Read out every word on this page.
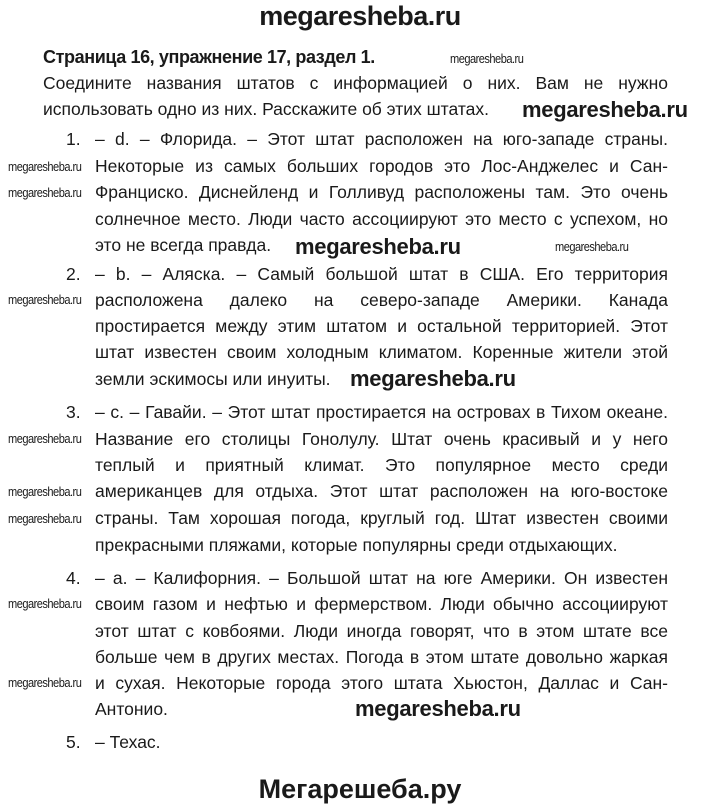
megaresheba.ru
Страница 16, упражнение 17, раздел 1.
Соедините названия штатов с информацией о них. Вам не нужно
использовать одно из них. Расскажите об этих штатах.
1. – d. – Флорида. – Этот штат расположен на юго-западе страны.
Некоторые из самых больших городов это Лос-Анджелес и Сан-
Франциско. Диснейленд и Голливуд расположены там. Это очень
солнечное место. Люди часто ассоциируют это место с успехом, но
это не всегда правда.
2. – b. – Аляска. – Самый большой штат в США. Его территория
расположена далеко на северо-западе Америки. Канада
простирается между этим штатом и остальной территорией. Этот
штат известен своим холодным климатом. Коренные жители этой
земли эскимосы или инуиты.
3. – c. – Гавайи. – Этот штат простирается на островах в Тихом океане.
Название его столицы Гонолулу. Штат очень красивый и у него
теплый и приятный климат. Это популярное место среди
американцев для отдыха. Этот штат расположен на юго-востоке
страны. Там хорошая погода, круглый год. Штат известен своими
прекрасными пляжами, которые популярны среди отдыхающих.
4. – a. – Калифорния. – Большой штат на юге Америки. Он известен
своим газом и нефтью и фермерством. Люди обычно ассоциируют
этот штат с ковбоями. Люди иногда говорят, что в этом штате все
больше чем в других местах. Погода в этом штате довольно жаркая
и сухая. Некоторые города этого штата Хьюстон, Даллас и Сан-
Антонио.
5. – Техас.
megaresheba.ru
megaresheba.ru
megaresheba.ru
megaresheba.ru
megaresheba.ru	megaresheba.ru
megaresheba.ru
megaresheba.ru
megaresheba.ru
megaresheba.ru
megaresheba.ru
megaresheba.ru
megaresheba.ru
megaresheba.ru
Мегарешеба.ру
